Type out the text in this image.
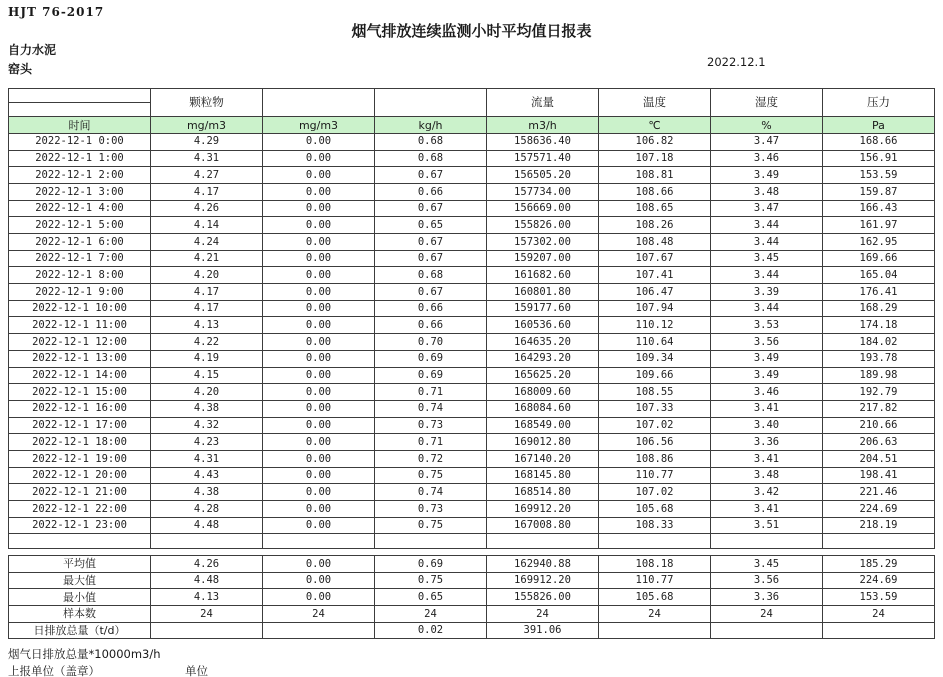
HJT 76-2017
烟气排放连续监测小时平均值日报表
自力水泥
窑头	2022.12.1
	颗粒物			流量	温度	湿度	压力

时间	mg/m3	mg/m3	kg/h	m3/h	℃	%	Pa
2022-12-1 0:00	4.29	0.00	0.68	158636.40	106.82	3.47	168.66
2022-12-1 1:00	4.31	0.00	0.68	157571.40	107.18	3.46	156.91
2022-12-1 2:00	4.27	0.00	0.67	156505.20	108.81	3.49	153.59
2022-12-1 3:00	4.17	0.00	0.66	157734.00	108.66	3.48	159.87
2022-12-1 4:00	4.26	0.00	0.67	156669.00	108.65	3.47	166.43
2022-12-1 5:00	4.14	0.00	0.65	155826.00	108.26	3.44	161.97
2022-12-1 6:00	4.24	0.00	0.67	157302.00	108.48	3.44	162.95
2022-12-1 7:00	4.21	0.00	0.67	159207.00	107.67	3.45	169.66
2022-12-1 8:00	4.20	0.00	0.68	161682.60	107.41	3.44	165.04
2022-12-1 9:00	4.17	0.00	0.67	160801.80	106.47	3.39	176.41
2022-12-1 10:00	4.17	0.00	0.66	159177.60	107.94	3.44	168.29
2022-12-1 11:00	4.13	0.00	0.66	160536.60	110.12	3.53	174.18
2022-12-1 12:00	4.22	0.00	0.70	164635.20	110.64	3.56	184.02
2022-12-1 13:00	4.19	0.00	0.69	164293.20	109.34	3.49	193.78
2022-12-1 14:00	4.15	0.00	0.69	165625.20	109.66	3.49	189.98
2022-12-1 15:00	4.20	0.00	0.71	168009.60	108.55	3.46	192.79
2022-12-1 16:00	4.38	0.00	0.74	168084.60	107.33	3.41	217.82
2022-12-1 17:00	4.32	0.00	0.73	168549.00	107.02	3.40	210.66
2022-12-1 18:00	4.23	0.00	0.71	169012.80	106.56	3.36	206.63
2022-12-1 19:00	4.31	0.00	0.72	167140.20	108.86	3.41	204.51
2022-12-1 20:00	4.43	0.00	0.75	168145.80	110.77	3.48	198.41
2022-12-1 21:00	4.38	0.00	0.74	168514.80	107.02	3.42	221.46
2022-12-1 22:00	4.28	0.00	0.73	169912.20	105.68	3.41	224.69
2022-12-1 23:00	4.48	0.00	0.75	167008.80	108.33	3.51	218.19

平均值	4.26	0.00	0.69	162940.88	108.18	3.45	185.29
最大值	4.48	0.00	0.75	169912.20	110.77	3.56	224.69
最小值	4.13	0.00	0.65	155826.00	105.68	3.36	153.59
样本数	24	24	24	24	24	24	24
日排放总量（t/d）			0.02	391.06			
烟气日排放总量*10000m3/h
上报单位（盖章）	单位
